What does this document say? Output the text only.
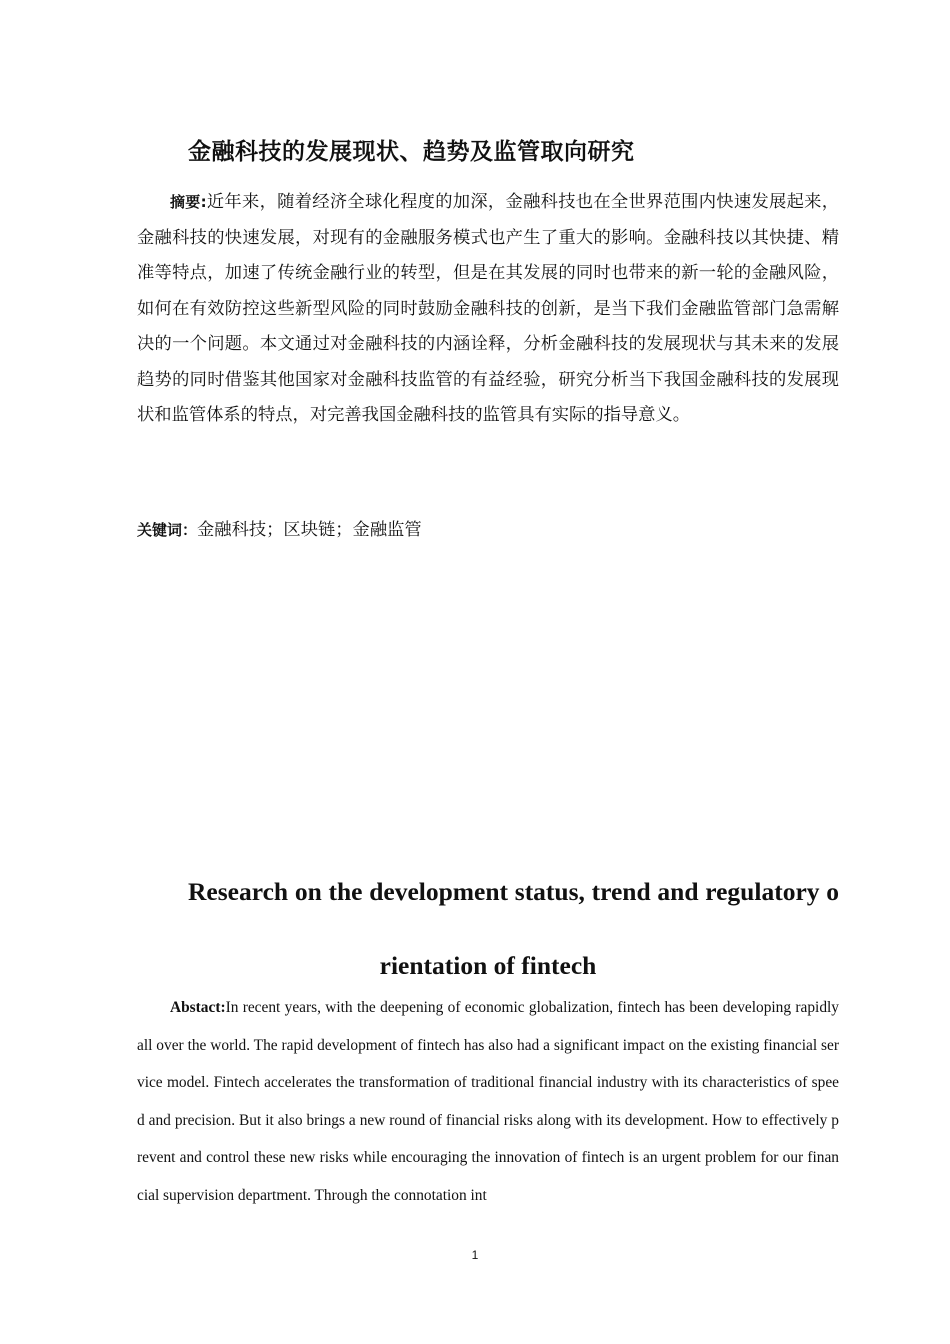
金融科技的发展现状、趋势及监管取向研究

摘要:近年来，随着经济全球化程度的加深，金融科技也在全世界范围内快速发展起来，金融科技的快速发展，对现有的金融服务模式也产生了重大的影响。金融科技以其快捷、精准等特点，加速了传统金融行业的转型，但是在其发展的同时也带来的新一轮的金融风险，如何在有效防控这些新型风险的同时鼓励金融科技的创新，是当下我们金融监管部门急需解决的一个问题。本文通过对金融科技的内涵诠释，分析金融科技的发展现状与其未来的发展趋势的同时借鉴其他国家对金融科技监管的有益经验，研究分析当下我国金融科技的发展现状和监管体系的特点，对完善我国金融科技的监管具有实际的指导意义。

关键词：金融科技；区块链；金融监管

Research on the development status, trend and regulatory orientation of fintech

Abstact:In recent years, with the deepening of economic globalization, fintech has been developing rapidly all over the world. The rapid development of fintech has also had a significant impact on the existing financial service model. Fintech accelerates the transformation of traditional financial industry with its characteristics of speed and precision. But it also brings a new round of financial risks along with its development. How to effectively prevent and control these new risks while encouraging the innovation of fintech is an urgent problem for our financial supervision department. Through the connotation int

1
